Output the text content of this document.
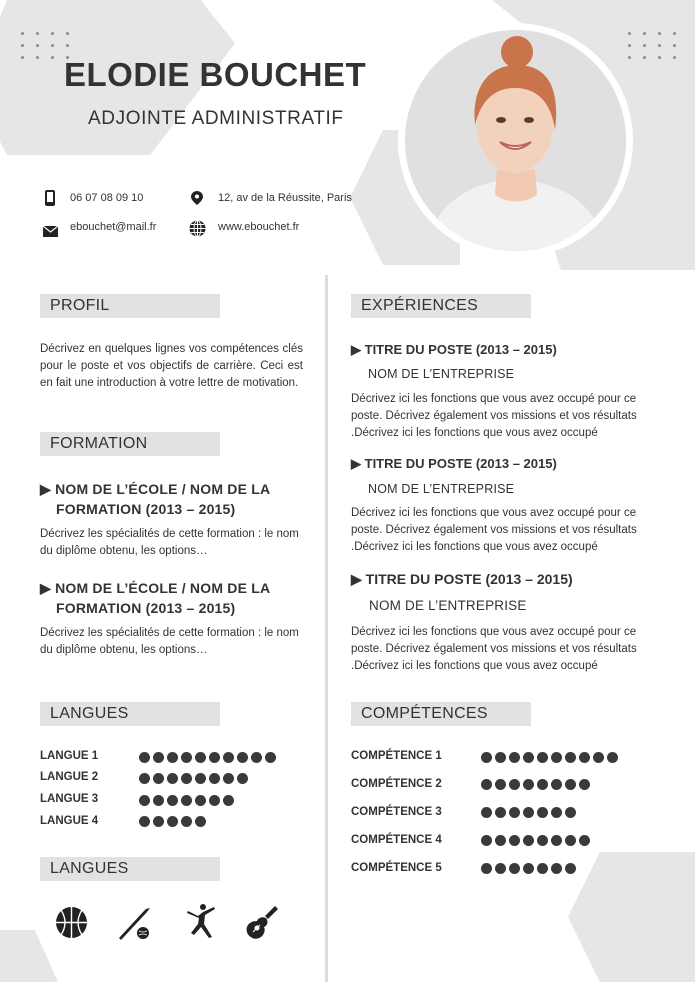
ELODIE BOUCHET
ADJOINTE ADMINISTRATIF
06 07 08 09 10	12, av de la Réussite, Paris
ebouchet@mail.fr	www.ebouchet.fr
PROFIL
Décrivez en quelques lignes vos compétences clés pour le poste et vos objectifs de carrière. Ceci est en fait une introduction à votre lettre de motivation.
FORMATION
▶ NOM DE L’ÉCOLE / NOM DE LA
FORMATION (2013 – 2015)
Décrivez les spécialités de cette formation : le nom du diplôme obtenu, les options…
▶ NOM DE L’ÉCOLE / NOM DE LA
FORMATION (2013 – 2015)
Décrivez les spécialités de cette formation : le nom du diplôme obtenu, les options…
EXPÉRIENCES
▶ TITRE DU POSTE (2013 – 2015)
NOM DE L’ENTREPRISE
Décrivez ici les fonctions que vous avez occupé pour ce poste. Décrivez également vos missions et vos résultats .Décrivez ici les fonctions que vous avez occupé
▶ TITRE DU POSTE (2013 – 2015)
NOM DE L’ENTREPRISE
Décrivez ici les fonctions que vous avez occupé pour ce poste. Décrivez également vos missions et vos résultats .Décrivez ici les fonctions que vous avez occupé
▶ TITRE DU POSTE (2013 – 2015)
NOM DE L’ENTREPRISE
Décrivez ici les fonctions que vous avez occupé pour ce poste. Décrivez également vos missions et vos résultats .Décrivez ici les fonctions que vous avez occupé
LANGUES
LANGUE 1
LANGUE 2
LANGUE 3
LANGUE 4
COMPÉTENCES
COMPÉTENCE 1
COMPÉTENCE 2
COMPÉTENCE 3
COMPÉTENCE 4
COMPÉTENCE 5
LANGUES
